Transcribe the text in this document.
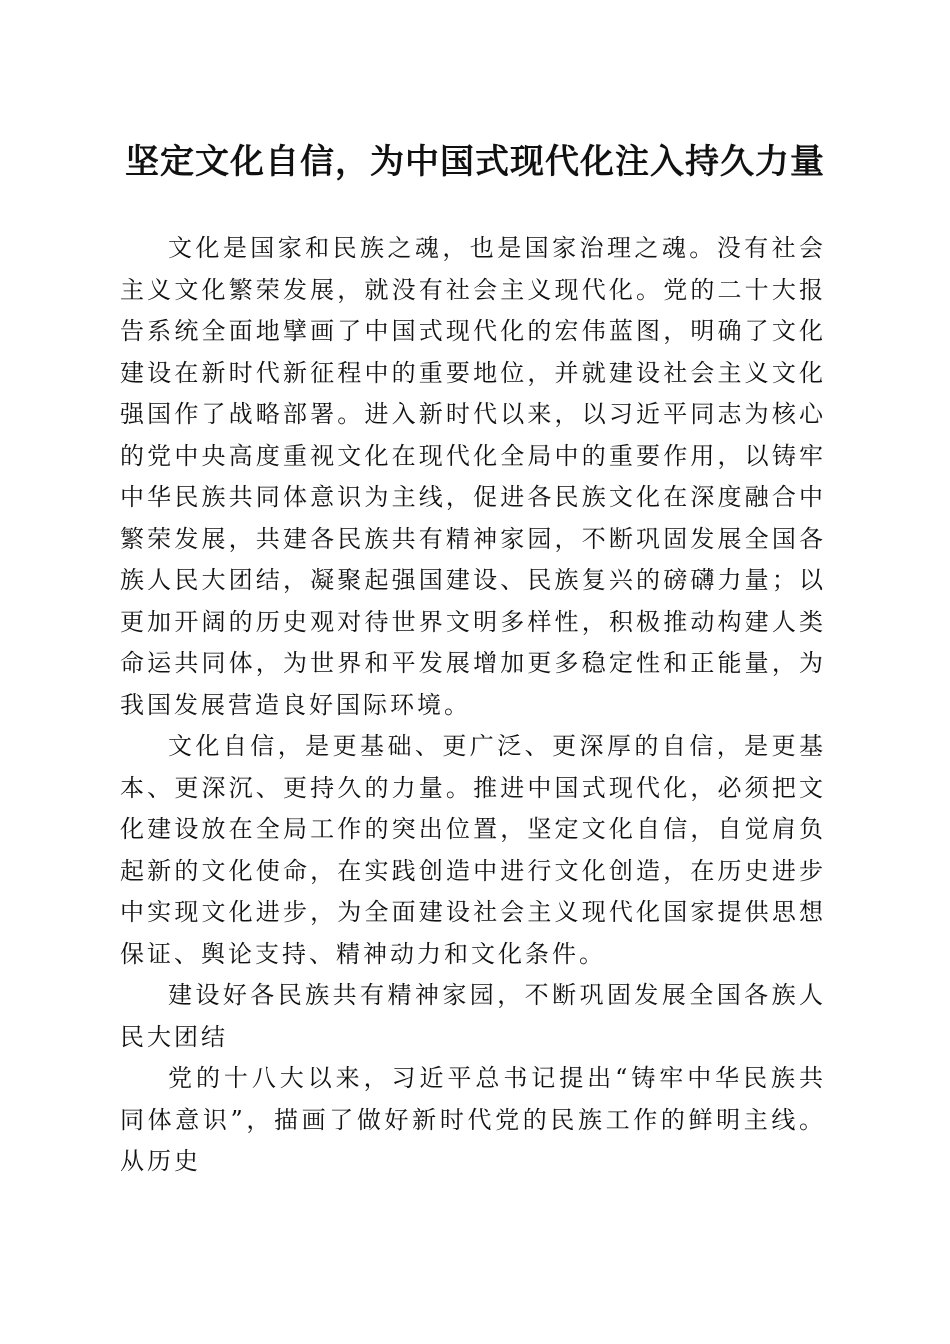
坚定文化自信，为中国式现代化注入持久力量

文化是国家和民族之魂，也是国家治理之魂。没有社会主义文化繁荣发展，就没有社会主义现代化。党的二十大报告系统全面地擘画了中国式现代化的宏伟蓝图，明确了文化建设在新时代新征程中的重要地位，并就建设社会主义文化强国作了战略部署。进入新时代以来，以习近平同志为核心的党中央高度重视文化在现代化全局中的重要作用，以铸牢中华民族共同体意识为主线，促进各民族文化在深度融合中繁荣发展，共建各民族共有精神家园，不断巩固发展全国各族人民大团结，凝聚起强国建设、民族复兴的磅礴力量；以更加开阔的历史观对待世界文明多样性，积极推动构建人类命运共同体，为世界和平发展增加更多稳定性和正能量，为我国发展营造良好国际环境。

文化自信，是更基础、更广泛、更深厚的自信，是更基本、更深沉、更持久的力量。推进中国式现代化，必须把文化建设放在全局工作的突出位置，坚定文化自信，自觉肩负起新的文化使命，在实践创造中进行文化创造，在历史进步中实现文化进步，为全面建设社会主义现代化国家提供思想保证、舆论支持、精神动力和文化条件。

建设好各民族共有精神家园，不断巩固发展全国各族人民大团结

党的十八大以来，习近平总书记提出“铸牢中华民族共同体意识”，描画了做好新时代党的民族工作的鲜明主线。从历史
